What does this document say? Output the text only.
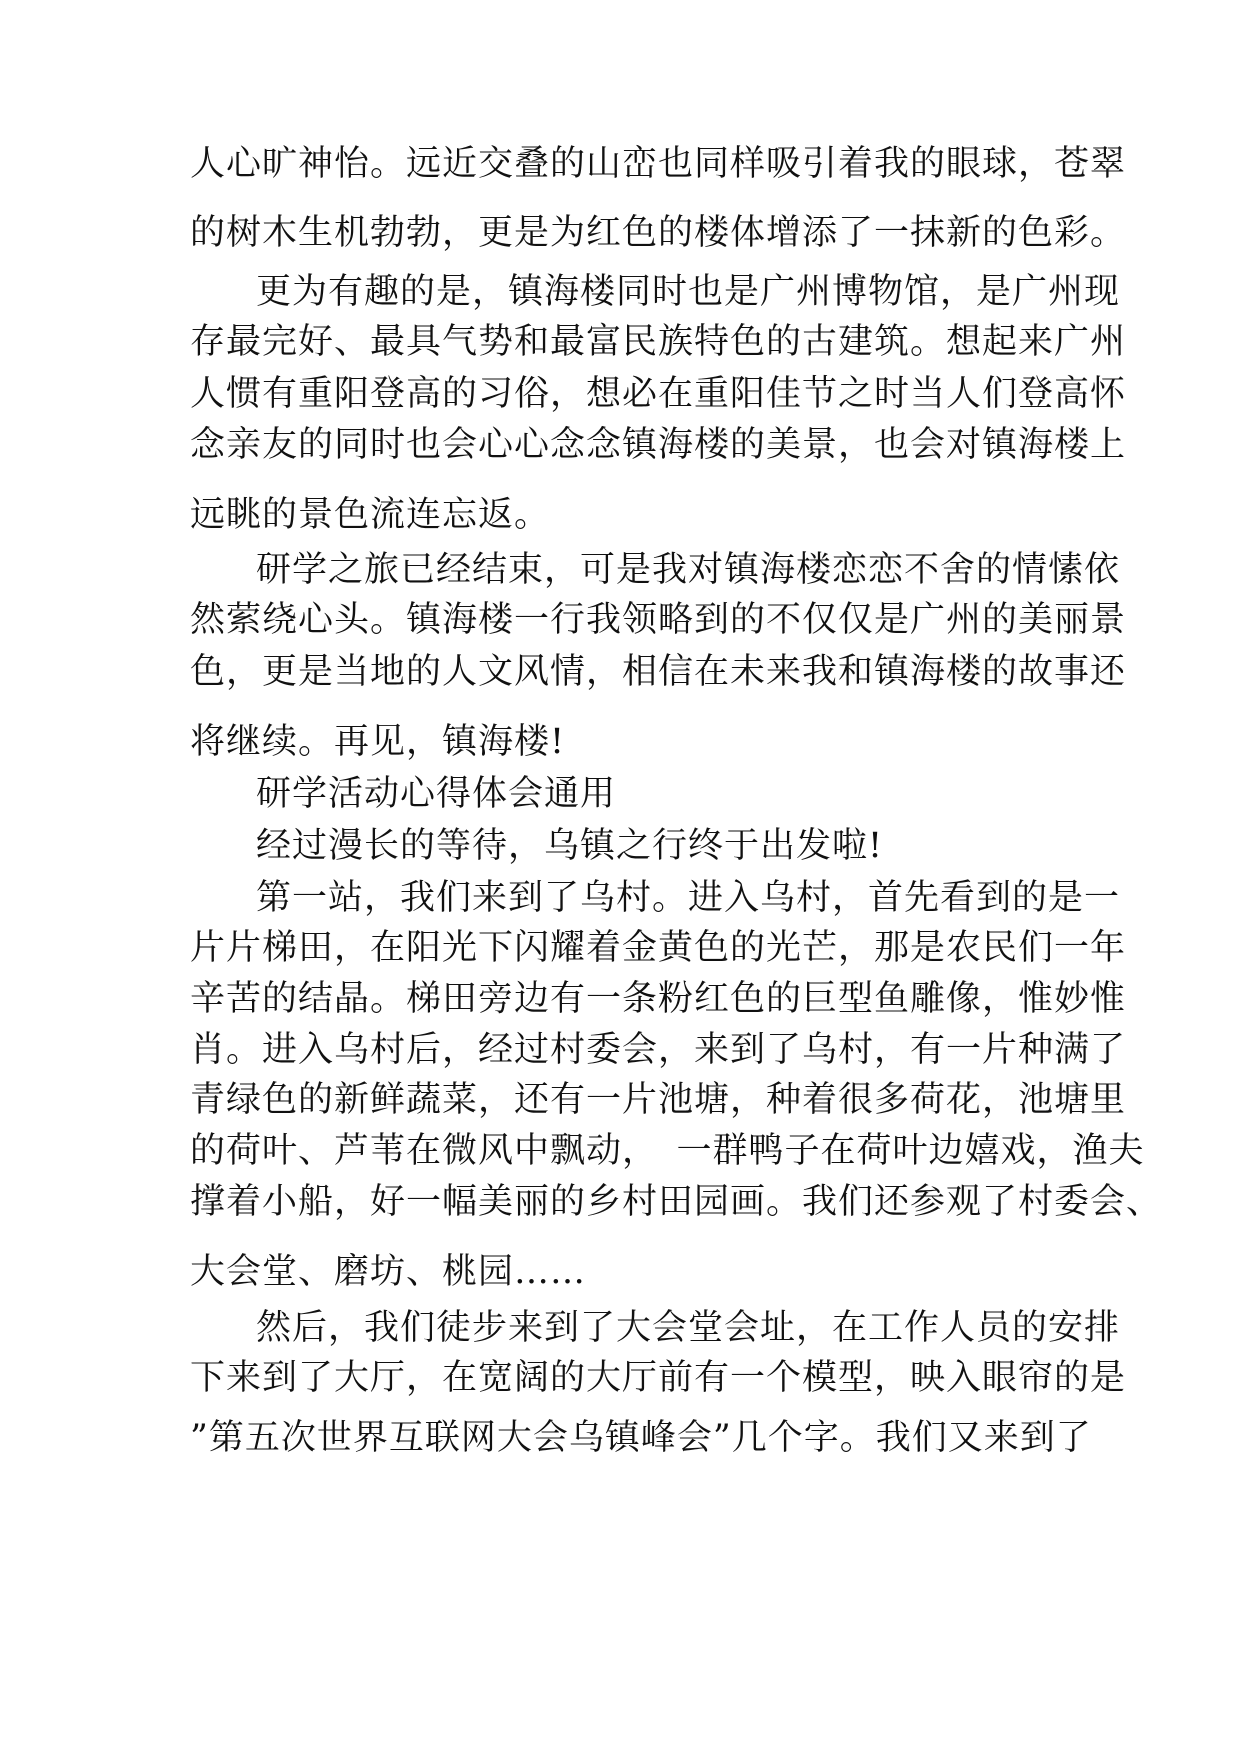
人心旷神怡。远近交叠的山峦也同样吸引着我的眼球，苍翠
的树木生机勃勃，更是为红色的楼体增添了一抹新的色彩。
更为有趣的是，镇海楼同时也是广州博物馆，是广州现
存最完好、最具气势和最富民族特色的古建筑。想起来广州
人惯有重阳登高的习俗，想必在重阳佳节之时当人们登高怀
念亲友的同时也会心心念念镇海楼的美景，也会对镇海楼上
远眺的景色流连忘返。
研学之旅已经结束，可是我对镇海楼恋恋不舍的情愫依
然萦绕心头。镇海楼一行我领略到的不仅仅是广州的美丽景
色，更是当地的人文风情，相信在未来我和镇海楼的故事还
将继续。再见，镇海楼!
研学活动心得体会通用
经过漫长的等待，乌镇之行终于出发啦!
第一站，我们来到了乌村。进入乌村，首先看到的是一
片片梯田，在阳光下闪耀着金黄色的光芒，那是农民们一年
辛苦的结晶。梯田旁边有一条粉红色的巨型鱼雕像，惟妙惟
肖。进入乌村后，经过村委会，来到了乌村，有一片种满了
青绿色的新鲜蔬菜，还有一片池塘，种着很多荷花，池塘里
的荷叶、芦苇在微风中飘动，　一群鸭子在荷叶边嬉戏，渔夫
撑着小船，好一幅美丽的乡村田园画。我们还参观了村委会、
大会堂、磨坊、桃园……
然后，我们徒步来到了大会堂会址，在工作人员的安排
下来到了大厅，在宽阔的大厅前有一个模型，映入眼帘的是
”第五次世界互联网大会乌镇峰会”几个字。我们又来到了
